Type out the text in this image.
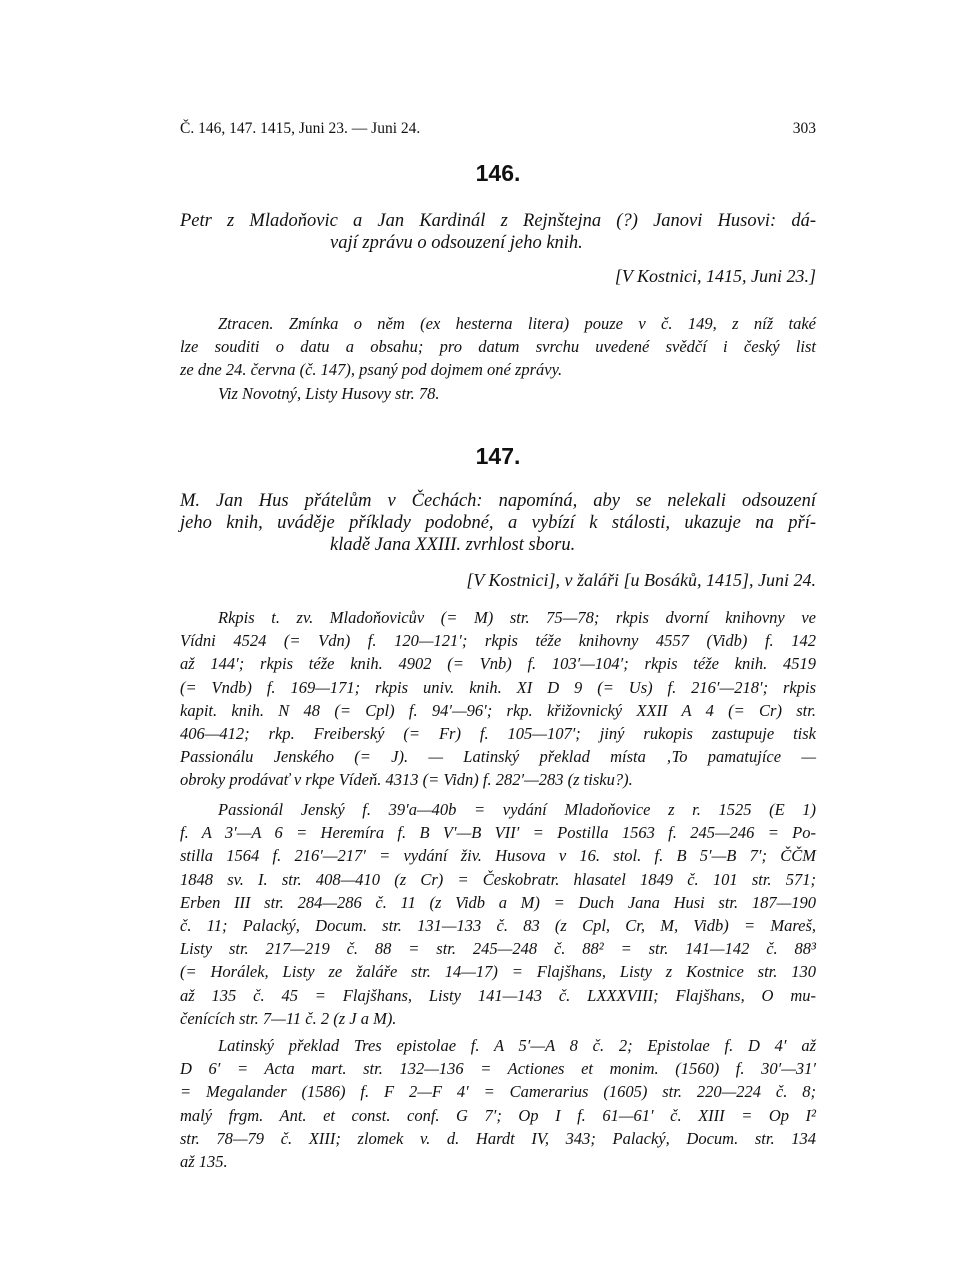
Č. 146, 147. 1415, Juni 23. — Juni 24.	303
146.
Petr z Mladoňovic a Jan Kardinál z Rejnštejna (?) Janovi Husovi: dá-
vají zprávu o odsouzení jeho knih.
[V Kostnici, 1415, Juni 23.]
Ztracen. Zmínka o něm (ex hesterna litera) pouze v č. 149, z níž také
lze souditi o datu a obsahu; pro datum svrchu uvedené svědčí i český list
ze dne 24. června (č. 147), psaný pod dojmem oné zprávy.
Viz Novotný, Listy Husovy str. 78.
147.
M. Jan Hus přátelům v Čechách: napomíná, aby se nelekali odsouzení
jeho knih, uváděje příklady podobné, a vybízí k stálosti, ukazuje na pří-
kladě Jana XXIII. zvrhlost sboru.
[V Kostnici], v žaláři [u Bosáků, 1415], Juni 24.
Rkpis t. zv. Mladoňovicův (= M) str. 75—78; rkpis dvorní knihovny ve
Vídni 4524 (= Vdn) f. 120—121′; rkpis téže knihovny 4557 (Vidb) f. 142
až 144′; rkpis téže knih. 4902 (= Vnb) f. 103′—104′; rkpis téže knih. 4519
(= Vndb) f. 169—171; rkpis univ. knih. XI D 9 (= Us) f. 216′—218′; rkpis
kapit. knih. N 48 (= Cpl) f. 94′—96′; rkp. křižovnický XXII A 4 (= Cr) str.
406—412; rkp. Freiberský (= Fr) f. 105—107′; jiný rukopis zastupuje tisk
Passionálu Jenského (= J). — Latinský překlad místa ‚To pamatujíce —
obroky prodávať v rkpe Vídeň. 4313 (= Vidn) f. 282′—283 (z tisku?).
Passionál Jenský f. 39′a—40b = vydání Mladoňovice z r. 1525 (E 1)
f. A 3′—A 6 = Heremíra f. B V′—B VII′ = Postilla 1563 f. 245—246 = Po-
stilla 1564 f. 216′—217′ = vydání živ. Husova v 16. stol. f. B 5′—B 7′; ČČM
1848 sv. I. str. 408—410 (z Cr) = Českobratr. hlasatel 1849 č. 101 str. 571;
Erben III str. 284—286 č. 11 (z Vidb a M) = Duch Jana Husi str. 187—190
č. 11; Palacký, Docum. str. 131—133 č. 83 (z Cpl, Cr, M, Vidb) = Mareš,
Listy str. 217—219 č. 88 = str. 245—248 č. 88² = str. 141—142 č. 88³
(= Horálek, Listy ze žaláře str. 14—17) = Flajšhans, Listy z Kostnice str. 130
až 135 č. 45 = Flajšhans, Listy 141—143 č. LXXXVIII; Flajšhans, O mu-
čenících str. 7—11 č. 2 (z J a M).
Latinský překlad Tres epistolae f. A 5′—A 8 č. 2; Epistolae f. D 4′ až
D 6′ = Acta mart. str. 132—136 = Actiones et monim. (1560) f. 30′—31′
= Megalander (1586) f. F 2—F 4′ = Camerarius (1605) str. 220—224 č. 8;
malý frgm. Ant. et const. conf. G 7′; Op I f. 61—61′ č. XIII = Op I²
str. 78—79 č. XIII; zlomek v. d. Hardt IV, 343; Palacký, Docum. str. 134
až 135.
